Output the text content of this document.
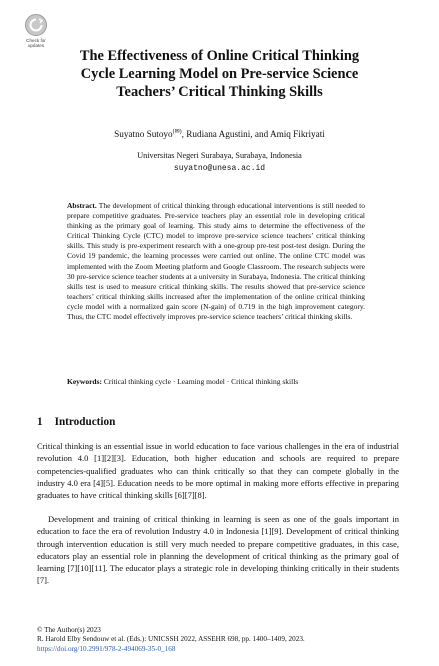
Check for
updates
The Effectiveness of Online Critical Thinking
Cycle Learning Model on Pre-service Science
Teachers’ Critical Thinking Skills
Suyatno Sutoyo(✉), Rudiana Agustini, and Amiq Fikriyati
Universitas Negeri Surabaya, Surabaya, Indonesia
suyatno@unesa.ac.id

Abstract. The development of critical thinking through educational interventions is still needed to prepare competitive graduates. Pre-service teachers play an essential role in developing critical thinking as the primary goal of learning. This study aims to determine the effectiveness of the Critical Thinking Cycle (CTC) model to improve pre-service science teachers’ critical thinking skills. This study is pre-experiment research with a one-group pre-test post-test design. During the Covid 19 pandemic, the learning processes were carried out online. The online CTC model was implemented with the Zoom Meeting platform and Google Classroom. The research subjects were 30 pre-service science teacher students at a university in Surabaya, Indonesia. The critical thinking skills test is used to measure critical thinking skills. The results showed that pre-service science teachers’ critical thinking skills increased after the implementation of the online critical thinking cycle model with a normalized gain score (N-gain) of 0.719 in the high improvement category. Thus, the CTC model effectively improves pre-service science teachers’ critical thinking skills.

Keywords: Critical thinking cycle · Learning model · Critical thinking skills
1 Introduction

Critical thinking is an essential issue in world education to face various challenges in the era of industrial revolution 4.0 [1][2][3]. Education, both higher education and schools are required to prepare competencies-qualified graduates who can think critically so that they can compete globally in the industry 4.0 era [4][5]. Education needs to be more optimal in making more efforts effective in preparing graduates to have critical thinking skills [6][7][8].

Development and training of critical thinking in learning is seen as one of the goals important in education to face the era of revolution Industry 4.0 in Indonesia [1][9]. Development of critical thinking through intervention education is still very much needed to prepare competitive graduates, in this case, educators play an essential role in planning the development of critical thinking as the primary goal of learning [7][10][11]. The educator plays a strategic role in developing thinking critically in their students [7].

© The Author(s) 2023
R. Harold Elby Sendouw et al. (Eds.): UNICSSH 2022, ASSEHR 698, pp. 1400–1409, 2023.
https://doi.org/10.2991/978-2-494069-35-0_168
